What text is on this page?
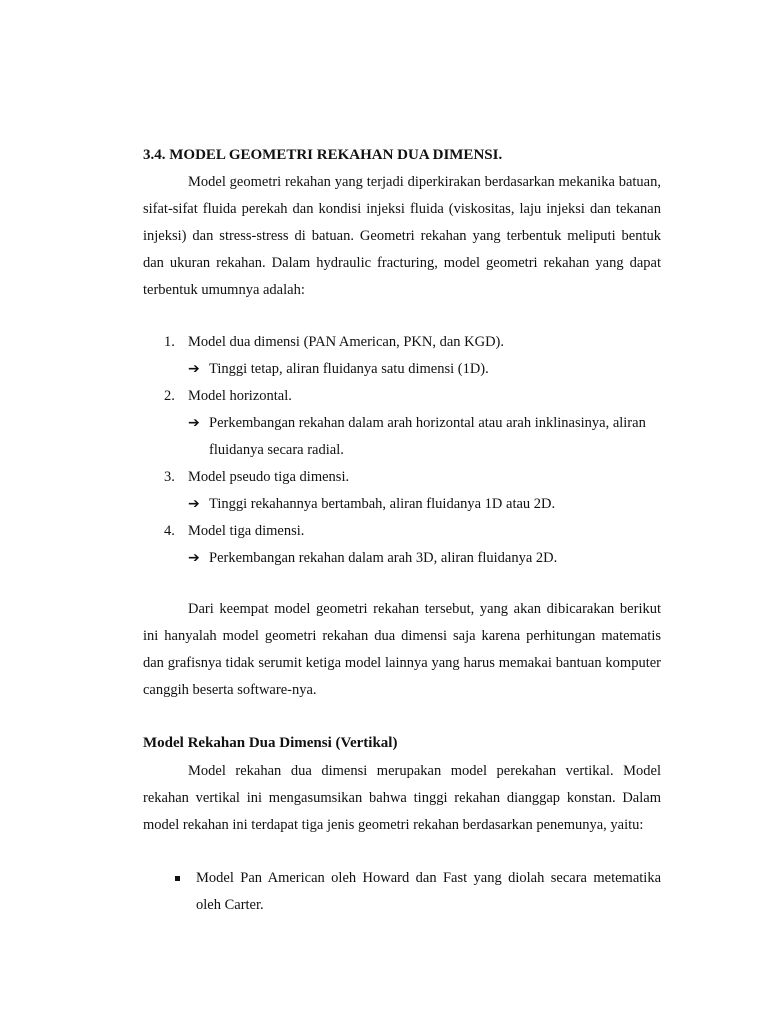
3.4. MODEL GEOMETRI REKAHAN DUA DIMENSI.

Model geometri rekahan yang terjadi diperkirakan berdasarkan mekanika batuan, sifat-sifat fluida perekah dan kondisi injeksi fluida (viskositas, laju injeksi dan tekanan injeksi) dan stress-stress di batuan. Geometri rekahan yang terbentuk meliputi bentuk dan ukuran rekahan. Dalam hydraulic fracturing, model geometri rekahan yang dapat terbentuk umumnya adalah:

1. Model dua dimensi (PAN American, PKN, dan KGD).
➔ Tinggi tetap, aliran fluidanya satu dimensi (1D).
2. Model horizontal.
➔ Perkembangan rekahan dalam arah horizontal atau arah inklinasinya, aliran fluidanya secara radial.
3. Model pseudo tiga dimensi.
➔ Tinggi rekahannya bertambah, aliran fluidanya 1D atau 2D.
4. Model tiga dimensi.
➔ Perkembangan rekahan dalam arah 3D, aliran fluidanya 2D.

Dari keempat model geometri rekahan tersebut, yang akan dibicarakan berikut ini hanyalah model geometri rekahan dua dimensi saja karena perhitungan matematis dan grafisnya tidak serumit ketiga model lainnya yang harus memakai bantuan komputer canggih beserta software-nya.

Model Rekahan Dua Dimensi (Vertikal)

Model rekahan dua dimensi merupakan model perekahan vertikal. Model rekahan vertikal ini mengasumsikan bahwa tinggi rekahan dianggap konstan. Dalam model rekahan ini terdapat tiga jenis geometri rekahan berdasarkan penemunya, yaitu:

Model Pan American oleh Howard dan Fast yang diolah secara metematika oleh Carter.
